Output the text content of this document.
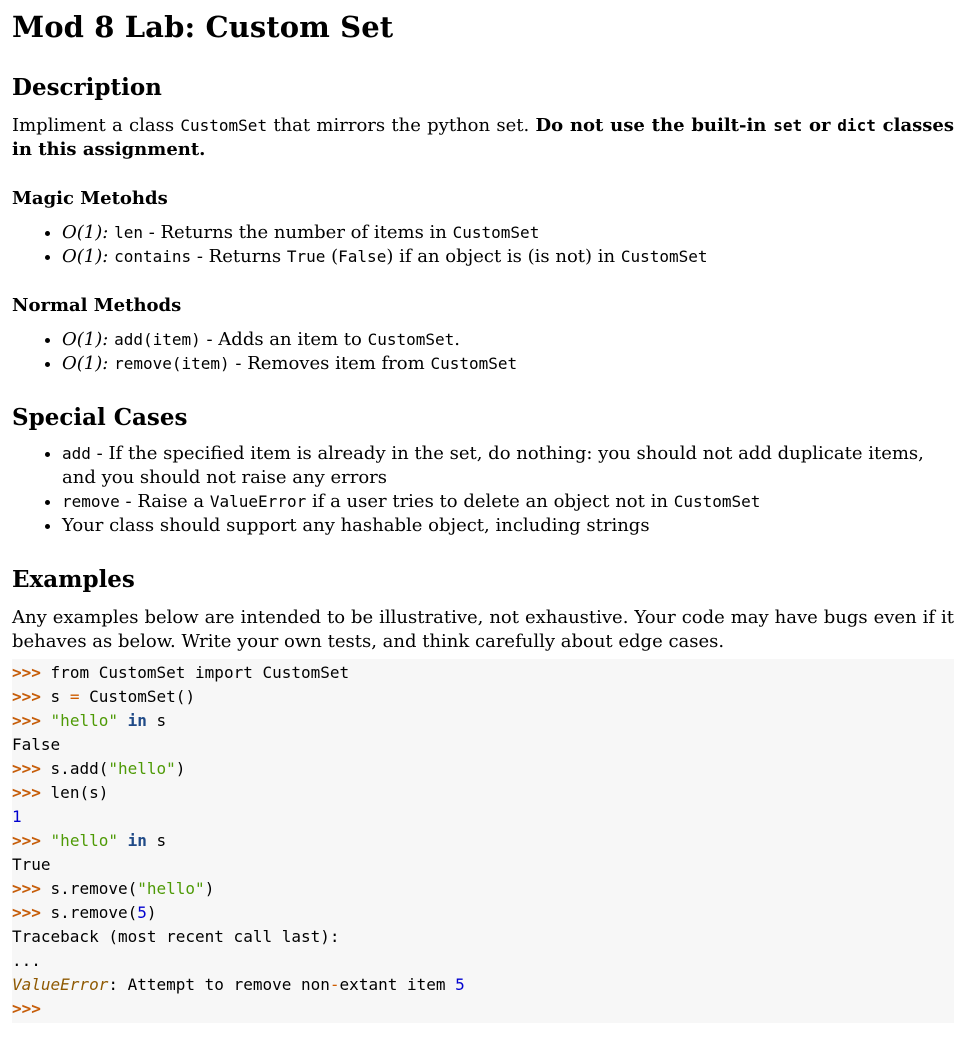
Mod 8 Lab: Custom Set
Description

Impliment a class CustomSet that mirrors the python set. Do not use the built-in set or dict classes in this assignment.

Magic Metohds
• O(1): len - Returns the number of items in CustomSet
• O(1): contains - Returns True (False) if an object is (is not) in CustomSet
Normal Methods
• O(1): add(item) - Adds an item to CustomSet.
• O(1): remove(item) - Removes item from CustomSet
Special Cases
• add - If the specified item is already in the set, do nothing: you should not add duplicate items, and you should not raise any errors
• remove - Raise a ValueError if a user tries to delete an object not in CustomSet
• Your class should support any hashable object, including strings
Examples

Any examples below are intended to be illustrative, not exhaustive. Your code may have bugs even if it behaves as below. Write your own tests, and think carefully about edge cases.

>>> from CustomSet import CustomSet
>>> s = CustomSet()
>>> "hello" in s
False
>>> s.add("hello")
>>> len(s)
1
>>> "hello" in s
True
>>> s.remove("hello")
>>> s.remove(5)
Traceback (most recent call last):
...
ValueError: Attempt to remove non-extant item 5
>>>
